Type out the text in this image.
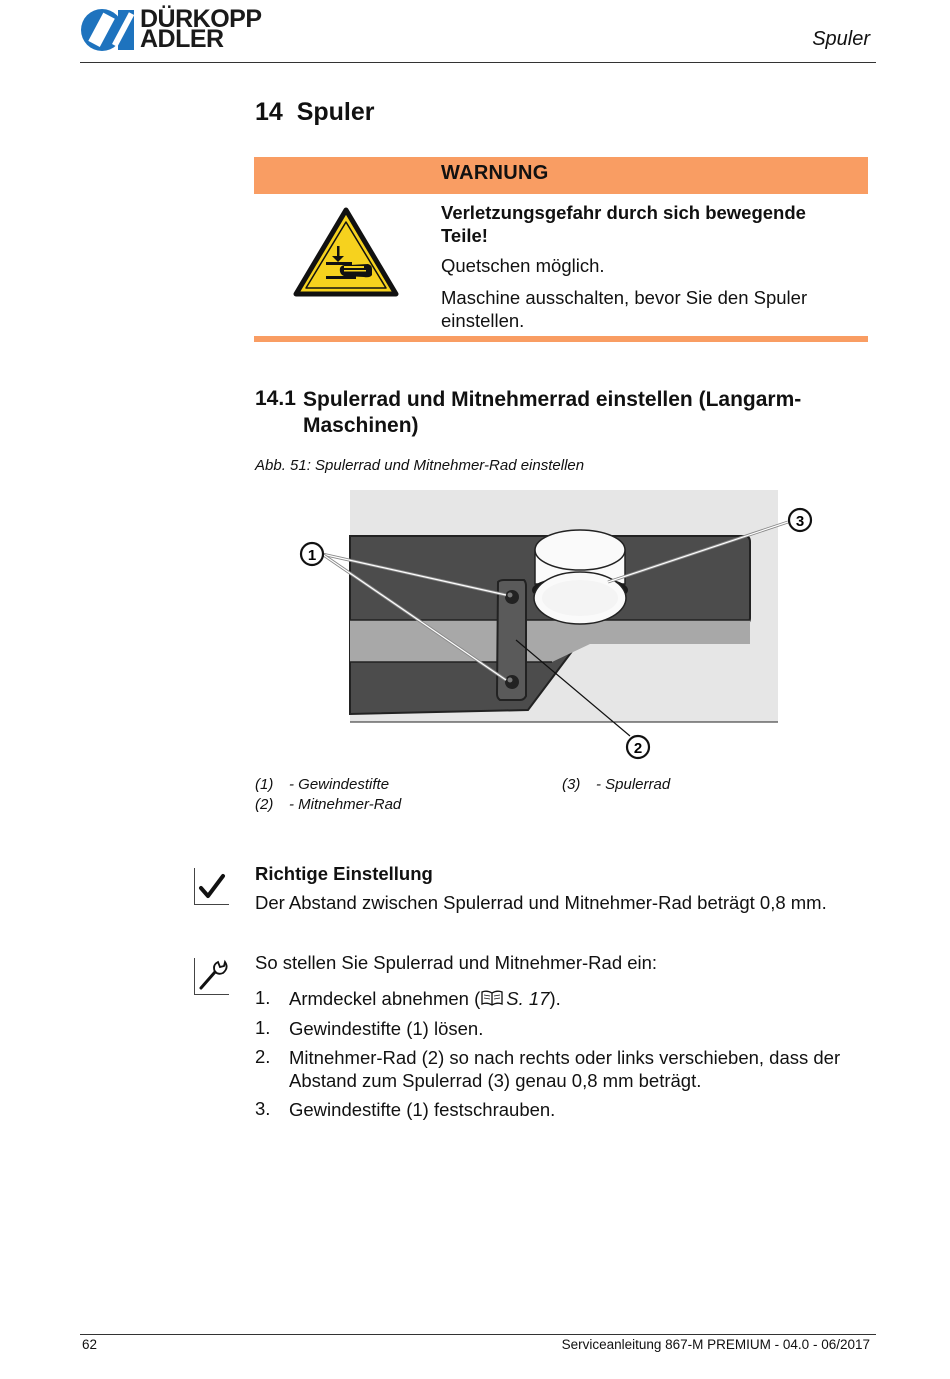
DÜRKOPP
ADLER	Spuler
14 Spuler
WARNUNG
Verletzungsgefahr durch sich bewegende Teile!
Quetschen möglich.
Maschine ausschalten, bevor Sie den Spuler einstellen.
14.1 Spulerrad und Mitnehmerrad einstellen (Langarm-Maschinen)
Abb. 51: Spulerrad und Mitnehmer-Rad einstellen
1
2
3
(1) - Gewindestifte
(2) - Mitnehmer-Rad
(3) - Spulerrad
Richtige Einstellung
Der Abstand zwischen Spulerrad und Mitnehmer-Rad beträgt 0,8 mm.
So stellen Sie Spulerrad und Mitnehmer-Rad ein:
1. Armdeckel abnehmen ( S. 17).
1. Gewindestifte (1) lösen.
2. Mitnehmer-Rad (2) so nach rechts oder links verschieben, dass der Abstand zum Spulerrad (3) genau 0,8 mm beträgt.
3. Gewindestifte (1) festschrauben.
62	Serviceanleitung 867-M PREMIUM - 04.0 - 06/2017
